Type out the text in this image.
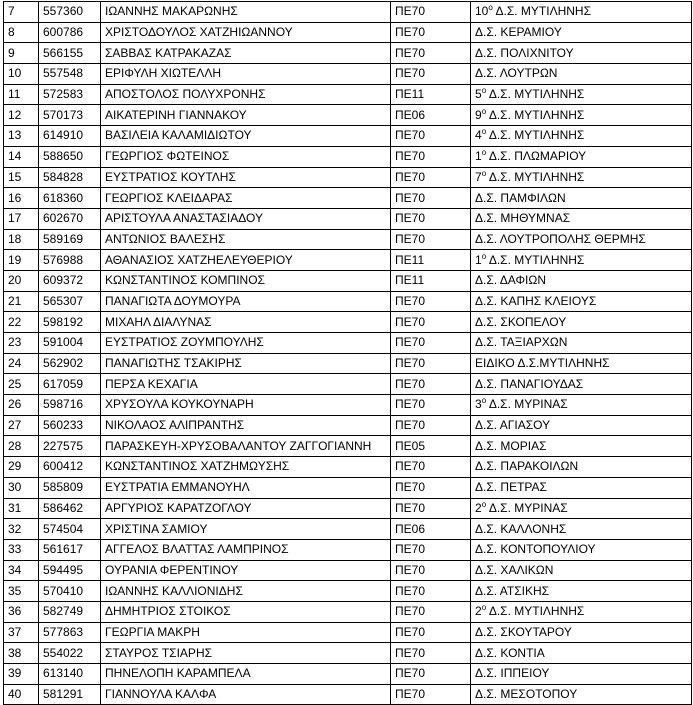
7	557360	ΙΩΑΝΝΗΣ ΜΑΚΑΡΩΝΗΣ	ΠΕ70	$10^o$ Δ.Σ. ΜΥΤΙΛΗΝΗΣ
8	600786	ΧΡΙΣΤΟΔΟΥΛΟΣ ΧΑΤΖΗΙΩΑΝΝΟΥ	ΠΕ70	Δ.Σ. ΚΕΡΑΜΙΟΥ
9	566155	ΣΑΒΒΑΣ ΚΑΤΡΑΚΑΖΑΣ	ΠΕ70	Δ.Σ. ΠΟΛΙΧΝΙΤΟΥ
10	557548	ΕΡΙΦΥΛΗ ΧΙΩΤΕΛΛΗ	ΠΕ70	Δ.Σ. ΛΟΥΤΡΩΝ
11	572583	ΑΠΟΣΤΟΛΟΣ ΠΟΛΥΧΡΟΝΗΣ	ΠΕ11	$5^o$ Δ.Σ. ΜΥΤΙΛΗΝΗΣ
12	570173	ΑΙΚΑΤΕΡΙΝΗ ΓΙΑΝΝΑΚΟΥ	ΠΕ06	$9^o$ Δ.Σ. ΜΥΤΙΛΗΝΗΣ
13	614910	ΒΑΣΙΛΕΙΑ ΚΑΛΑΜΙΔΙΩΤΟΥ	ΠΕ70	$4^o$ Δ.Σ. ΜΥΤΙΛΗΝΗΣ
14	588650	ΓΕΩΡΓΙΟΣ ΦΩΤΕΙΝΟΣ	ΠΕ70	$1^o$ Δ.Σ. ΠΛΩΜΑΡΙΟΥ
15	584828	ΕΥΣΤΡΑΤΙΟΣ ΚΟΥΤΛΗΣ	ΠΕ70	$7^o$ Δ.Σ. ΜΥΤΙΛΗΝΗΣ
16	618360	ΓΕΩΡΓΙΟΣ ΚΛΕΙΔΑΡΑΣ	ΠΕ70	Δ.Σ. ΠΑΜΦΙΛΩΝ
17	602670	ΑΡΙΣΤΟΥΛΑ ΑΝΑΣΤΑΣΙΑΔΟΥ	ΠΕ70	Δ.Σ. ΜΗΘΥΜΝΑΣ
18	589169	ΑΝΤΩΝΙΟΣ ΒΑΛΕΣΗΣ	ΠΕ70	Δ.Σ. ΛΟΥΤΡΟΠΟΛΗΣ ΘΕΡΜΗΣ
19	576988	ΑΘΑΝΑΣΙΟΣ ΧΑΤΖΗΕΛΕΥΘΕΡΙΟΥ	ΠΕ11	$1^o$ Δ.Σ. ΜΥΤΙΛΗΝΗΣ
20	609372	ΚΩΝΣΤΑΝΤΙΝΟΣ ΚΟΜΠΙΝΟΣ	ΠΕ11	Δ.Σ. ΔΑΦΙΩΝ
21	565307	ΠΑΝΑΓΙΩΤΑ ΔΟΥΜΟΥΡΑ	ΠΕ70	Δ.Σ. ΚΑΠΗΣ ΚΛΕΙΟΥΣ
22	598192	ΜΙΧΑΗΛ ΔΙΑΛΥΝΑΣ	ΠΕ70	Δ.Σ. ΣΚΟΠΕΛΟΥ
23	591004	ΕΥΣΤΡΑΤΙΟΣ ΖΟΥΜΠΟΥΛΗΣ	ΠΕ70	Δ.Σ. ΤΑΞΙΑΡΧΩΝ
24	562902	ΠΑΝΑΓΙΩΤΗΣ ΤΣΑΚΙΡΗΣ	ΠΕ70	ΕΙΔΙΚΟ Δ.Σ.ΜΥΤΙΛΗΝΗΣ
25	617059	ΠΕΡΣΑ ΚΕΧΑΓΙΑ	ΠΕ70	Δ.Σ. ΠΑΝΑΓΙΟΥΔΑΣ
26	598716	ΧΡΥΣΟΥΛΑ ΚΟΥΚΟΥΝΑΡΗ	ΠΕ70	$3^o$ Δ.Σ. ΜΥΡΙΝΑΣ
27	560233	ΝΙΚΟΛΑΟΣ ΑΛΙΠΡΑΝΤΗΣ	ΠΕ70	Δ.Σ. ΑΓΙΑΣΟΥ
28	227575	ΠΑΡΑΣΚΕΥΗ-ΧΡΥΣΟΒΑΛΑΝΤΟΥ ΖΑΓΓΟΓΙΑΝΝΗ	ΠΕ05	Δ.Σ. ΜΟΡΙΑΣ
29	600412	ΚΩΝΣΤΑΝΤΙΝΟΣ ΧΑΤΖΗΜΩΥΣΗΣ	ΠΕ70	Δ.Σ. ΠΑΡΑΚΟΙΛΩΝ
30	585809	ΕΥΣΤΡΑΤΙΑ ΕΜΜΑΝΟΥΗΛ	ΠΕ70	Δ.Σ. ΠΕΤΡΑΣ
31	586462	ΑΡΓΥΡΙΟΣ ΚΑΡΑΤΖΟΓΛΟΥ	ΠΕ70	$2^o$ Δ.Σ. ΜΥΡΙΝΑΣ
32	574504	ΧΡΙΣΤΙΝΑ ΣΑΜΙΟΥ	ΠΕ06	Δ.Σ. ΚΑΛΛΟΝΗΣ
33	561617	ΑΓΓΕΛΟΣ ΒΛΑΤΤΑΣ ΛΑΜΠΡΙΝΟΣ	ΠΕ70	Δ.Σ. ΚΟΝΤΟΠΟΥΛΙΟΥ
34	594495	ΟΥΡΑΝΙΑ ΦΕΡΕΝΤΙΝΟΥ	ΠΕ70	Δ.Σ. ΧΑΛΙΚΩΝ
35	570410	ΙΩΑΝΝΗΣ ΚΑΛΛΙΟΝΙΔΗΣ	ΠΕ70	Δ.Σ. ΑΤΣΙΚΗΣ
36	582749	ΔΗΜΗΤΡΙΟΣ ΣΤΟΙΚΟΣ	ΠΕ70	$2^o$ Δ.Σ. ΜΥΤΙΛΗΝΗΣ
37	577863	ΓΕΩΡΓΙΑ ΜΑΚΡΗ	ΠΕ70	Δ.Σ. ΣΚΟΥΤΑΡΟΥ
38	554022	ΣΤΑΥΡΟΣ ΤΣΙΑΡΗΣ	ΠΕ70	Δ.Σ. ΚΟΝΤΙΑ
39	613140	ΠΗΝΕΛΟΠΗ ΚΑΡΑΜΠΕΛΑ	ΠΕ70	Δ.Σ. ΙΠΠΕΙΟΥ
40	581291	ΓΙΑΝΝΟΥΛΑ ΚΑΛΦΑ	ΠΕ70	Δ.Σ. ΜΕΣΟΤΟΠΟΥ
